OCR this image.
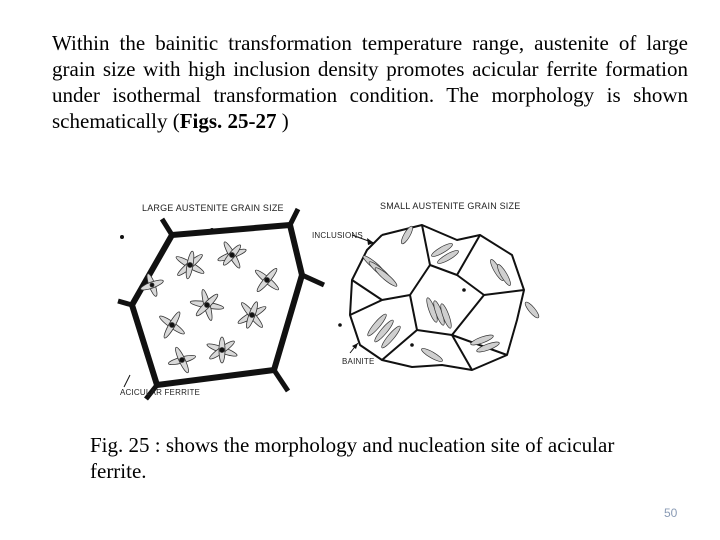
Within the bainitic transformation temperature range, austenite of large grain size with high inclusion density promotes acicular ferrite formation under isothermal transformation condition. The morphology is shown schematically (Figs. 25-27 )

LARGE AUSTENITE GRAIN SIZE	SMALL AUSTENITE GRAIN SIZE
INCLUSIONS
BAINITE
ACICULAR FERRITE

Fig. 25 : shows the morphology and nucleation site of acicular ferrite.

50
